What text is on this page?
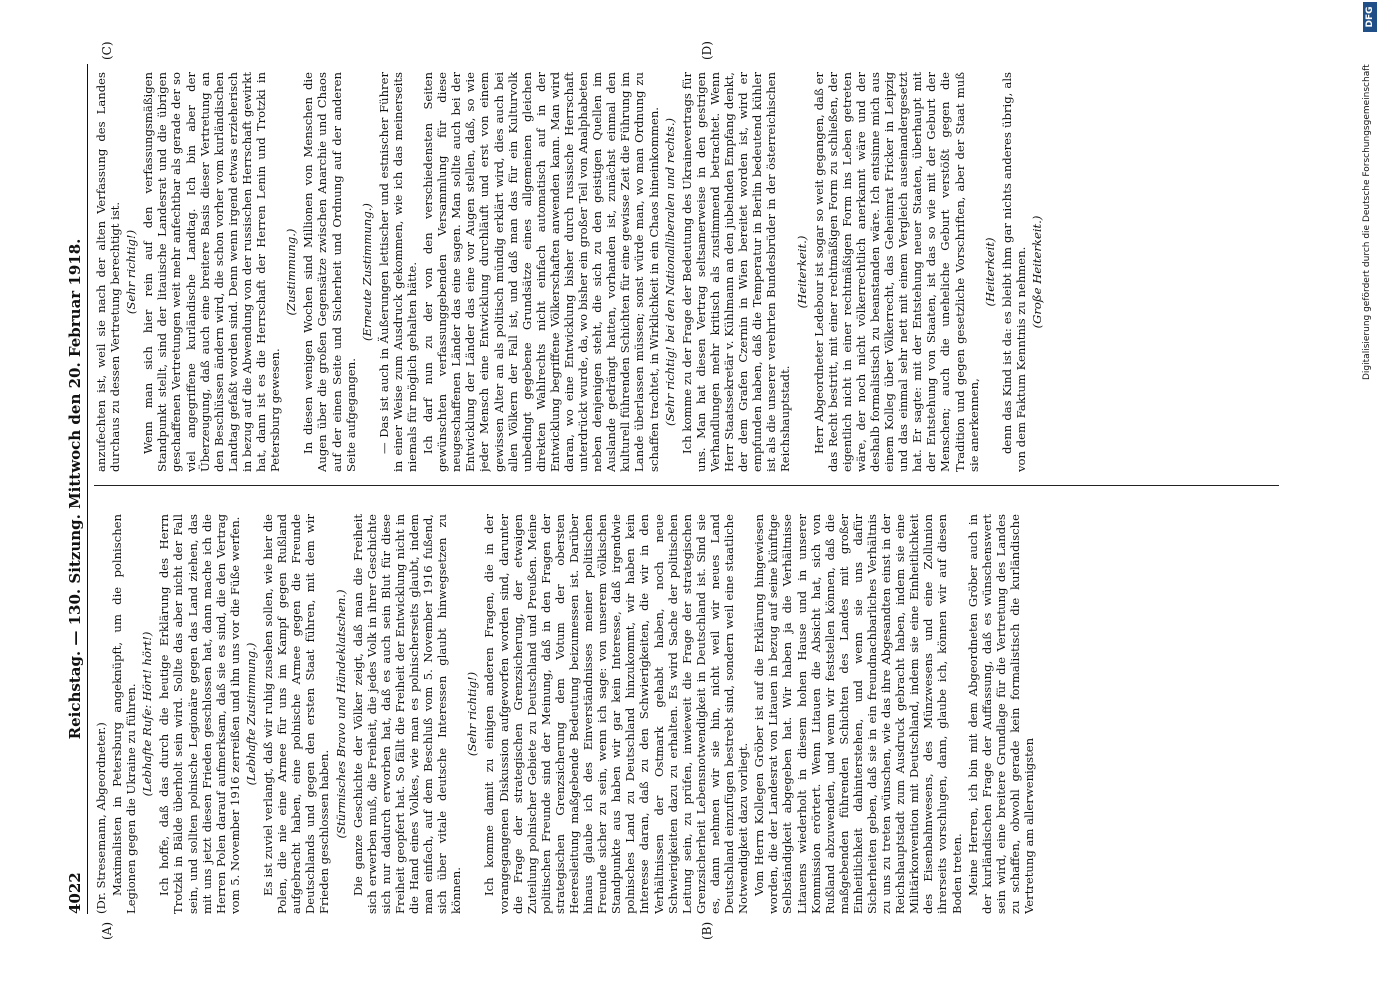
4022
Reichstag. — 130. Sitzung. Mittwoch den 20. Februar 1918.
(A)	(B)
(C)	(D)

(Dr. Stresemann, Abgeordneter.) Maximalisten in Petersburg angeknüpft, um die polnischen Legionen gegen die Ukraine zu führen. (Lebhafte Rufe: Hört! hört!) Ich hoffe, daß das durch die heutige Erklärung des Herrn Trotzki in Bälde überholt sein wird. Sollte das aber nicht der Fall sein, und sollten polnische Legionäre gegen das Land ziehen, das mit uns jetzt diesen Frieden geschlossen hat, dann mache ich die Herren Polen darauf aufmerksam, daß sie es sind, die den Vertrag vom 5. November 1916 zerreißen und ihn uns vor die Füße werfen. (Lebhafte Zustimmung.) Es ist zuviel verlangt, daß wir ruhig zusehen sollen, wie hier die Polen, die nie eine Armee für uns im Kampf gegen Rußland aufgebracht haben, eine polnische Armee gegen die Freunde Deutschlands und gegen den ersten Staat führen, mit dem wir Frieden geschlossen haben. (Stürmisches Bravo und Händeklatschen.) Die ganze Geschichte der Völker zeigt, daß man die Freiheit sich erwerben muß, die Freiheit, die jedes Volk in ihrer Geschichte sich nur dadurch erworben hat, daß es auch sein Blut für diese Freiheit geopfert hat. So fällt die Freiheit der Entwicklung nicht in die Hand eines Volkes, wie man es polnischerseits glaubt, indem man einfach, auf dem Beschluß vom 5. November 1916 fußend, sich über vitale deutsche Interessen glaubt hinwegsetzen zu können.

(Sehr richtig!) Ich komme damit zu einigen anderen Fragen, die in der vorangegangenen Diskussion aufgeworfen worden sind, darunter die Frage der strategischen Grenzsicherung, der etwaigen Zuteilung polnischer Gebiete zu Deutschland und Preußen. Meine politischen Freunde sind der Meinung, daß in den Fragen der strategischen Grenzsicherung dem Votum der obersten Heeresleitung maßgebende Bedeutung beizumessen ist. Darüber hinaus glaube ich des Einverständnisses meiner politischen Freunde sicher zu sein, wenn ich sage: von unserem völkischen Standpunkte aus haben wir gar kein Interesse, daß irgendwie polnisches Land zu Deutschland hinzukommt, wir haben kein Interesse daran, daß zu den Schwierigkeiten, die wir in den Verhältnissen der Ostmark gehabt haben, noch neue Schwierigkeiten dazu zu erhalten. Es wird Sache der politischen Leitung sein, zu prüfen, inwieweit die Frage der strategischen Grenzsicherheit Lebensnotwendigkeit in Deutschland ist. Sind sie es, dann nehmen wir sie hin, nicht weil wir neues Land Deutschland einzufügen bestrebt sind, sondern weil eine staatliche Notwendigkeit dazu vorliegt. Vom Herrn Kollegen Gröber ist auf die Erklärung hingewiesen worden, die der Landesrat von Litauen in bezug auf seine künftige Selbständigkeit abgegeben hat. Wir haben ja die Verhältnisse Litauens wiederholt in diesem hohen Hause und in unserer Kommission erörtert. Wenn Litauen die Absicht hat, sich von Rußland abzuwenden, und wenn wir feststellen können, daß die maßgebenden führenden Schichten des Landes mit großer Einheitlichkeit dahinterstehen, und wenn sie uns dafür Sicherheiten geben, daß sie in ein freundnachbarliches Verhältnis zu uns zu treten wünschen, wie das ihre Abgesandten einst in der Reichshauptstadt zum Ausdruck gebracht haben, indem sie eine Militärkonvention mit Deutschland, indem sie eine Einheitlichkeit des Eisenbahnwesens, des Münzwesens und eine Zollunion ihrerseits vorschlugen, dann, glaube ich, können wir auf diesen Boden treten. Meine Herren, ich bin mit dem Abgeordneten Gröber auch in der kurländischen Frage der Auffassung, daß es wünschenswert sein wird, eine breitere Grundlage für die Vertretung des Landes zu schaffen, obwohl gerade kein formalistisch die kurländische Vertretung am allerwenigsten

anzufechten ist, weil sie nach der alten Verfassung des Landes durchaus zu dessen Vertretung berechtigt ist. (Sehr richtig!) Wenn man sich hier rein auf den verfassungsmäßigen Standpunkt stellt, sind der litauische Landesrat und die übrigen geschaffenen Vertretungen weit mehr anfechtbar als gerade der so viel angegriffene kurländische Landtag. Ich bin aber der Überzeugung, daß auch eine breitere Basis dieser Vertretung an den Beschlüssen ändern wird, die schon vorher vom kurländischen Landtag gefaßt worden sind. Denn wenn irgend etwas erzieherisch in bezug auf die Abwendung von der russischen Herrschaft gewirkt hat, dann ist es die Herrschaft der Herren Lenin und Trotzki in Petersburg gewesen.

(Zustimmung.) In diesen wenigen Wochen sind Millionen von Menschen die Augen über die großen Gegensätze zwischen Anarchie und Chaos auf der einen Seite und Sicherheit und Ordnung auf der anderen Seite aufgegangen.

(Erneute Zustimmung.) — Das ist auch in Äußerungen lettischer und estnischer Führer in einer Weise zum Ausdruck gekommen, wie ich das meinerseits niemals für möglich gehalten hätte. Ich darf nun zu der von den verschiedensten Seiten gewünschten verfassunggebenden Versammlung für diese neugeschaffenen Länder das eine sagen. Man sollte auch bei der Entwicklung der Länder das eine vor Augen stellen, daß, so wie jeder Mensch eine Entwicklung durchläuft und erst von einem gewissen Alter an als politisch mündig erklärt wird, dies auch bei allen Völkern der Fall ist, und daß man das für ein Kulturvolk unbedingt gegebene Grundsätze eines allgemeinen gleichen direkten Wahlrechts nicht einfach automatisch auf in der Entwicklung begriffene Völkerschaften anwenden kann. Man wird daran, wo eine Entwicklung bisher durch russische Herrschaft unterdrückt wurde, da, wo bisher ein großer Teil von Analphabeten neben denjenigen steht, die sich zu den geistigen Quellen im Auslande gedrängt hatten, vorhanden ist, zunächst einmal den kulturell führenden Schichten für eine gewisse Zeit die Führung im Lande überlassen müssen; sonst würde man, wo man Ordnung zu schaffen trachtet, in Wirklichkeit in ein Chaos hineinkommen. (Sehr richtig! bei den Nationalliberalen und rechts.) Ich komme zu der Frage der Bedeutung des Ukrainevertrags für uns. Man hat diesen Vertrag seltsamerweise in den gestrigen Verhandlungen mehr kritisch als zustimmend betrachtet. Wenn Herr Staatssekretär v. Kühlmann an den jubelnden Empfang denkt, der dem Grafen Czernin in Wien bereitet worden ist, wird er empfunden haben, daß die Temperatur in Berlin bedeutend kühler ist als die unserer verehrten Bundesbrüder in der österreichischen Reichshauptstadt.

(Heiterkeit.) Herr Abgeordneter Ledebour ist sogar so weit gegangen, daß er das Recht bestritt, mit einer rechtmäßigen Form zu schließen, der eigentlich nicht in einer rechtmäßigen Form ins Leben getreten wäre, der noch nicht völkerrechtlich anerkannt wäre und der deshalb formalistisch zu beanstanden wäre. Ich entsinne mich aus einem Kolleg über Völkerrecht, das Geheimrat Fricker in Leipzig und das einmal sehr nett mit einem Vergleich auseinandergesetzt hat. Er sagte: mit der Entstehung neuer Staaten, überhaupt mit der Entstehung von Staaten, ist das so wie mit der Geburt der Menschen; auch die uneheliche Geburt verstößt gegen die Tradition und gegen gesetzliche Vorschriften, aber der Staat muß sie anerkennen,

(Heiterkeit) denn das Kind ist da: es bleibt ihm gar nichts anderes übrig, als von dem Faktum Kenntnis zu nehmen. (Große Heiterkeit.)	Digitalisierung gefördert durch die Deutsche Forschungsgemeinschaft
DFG
